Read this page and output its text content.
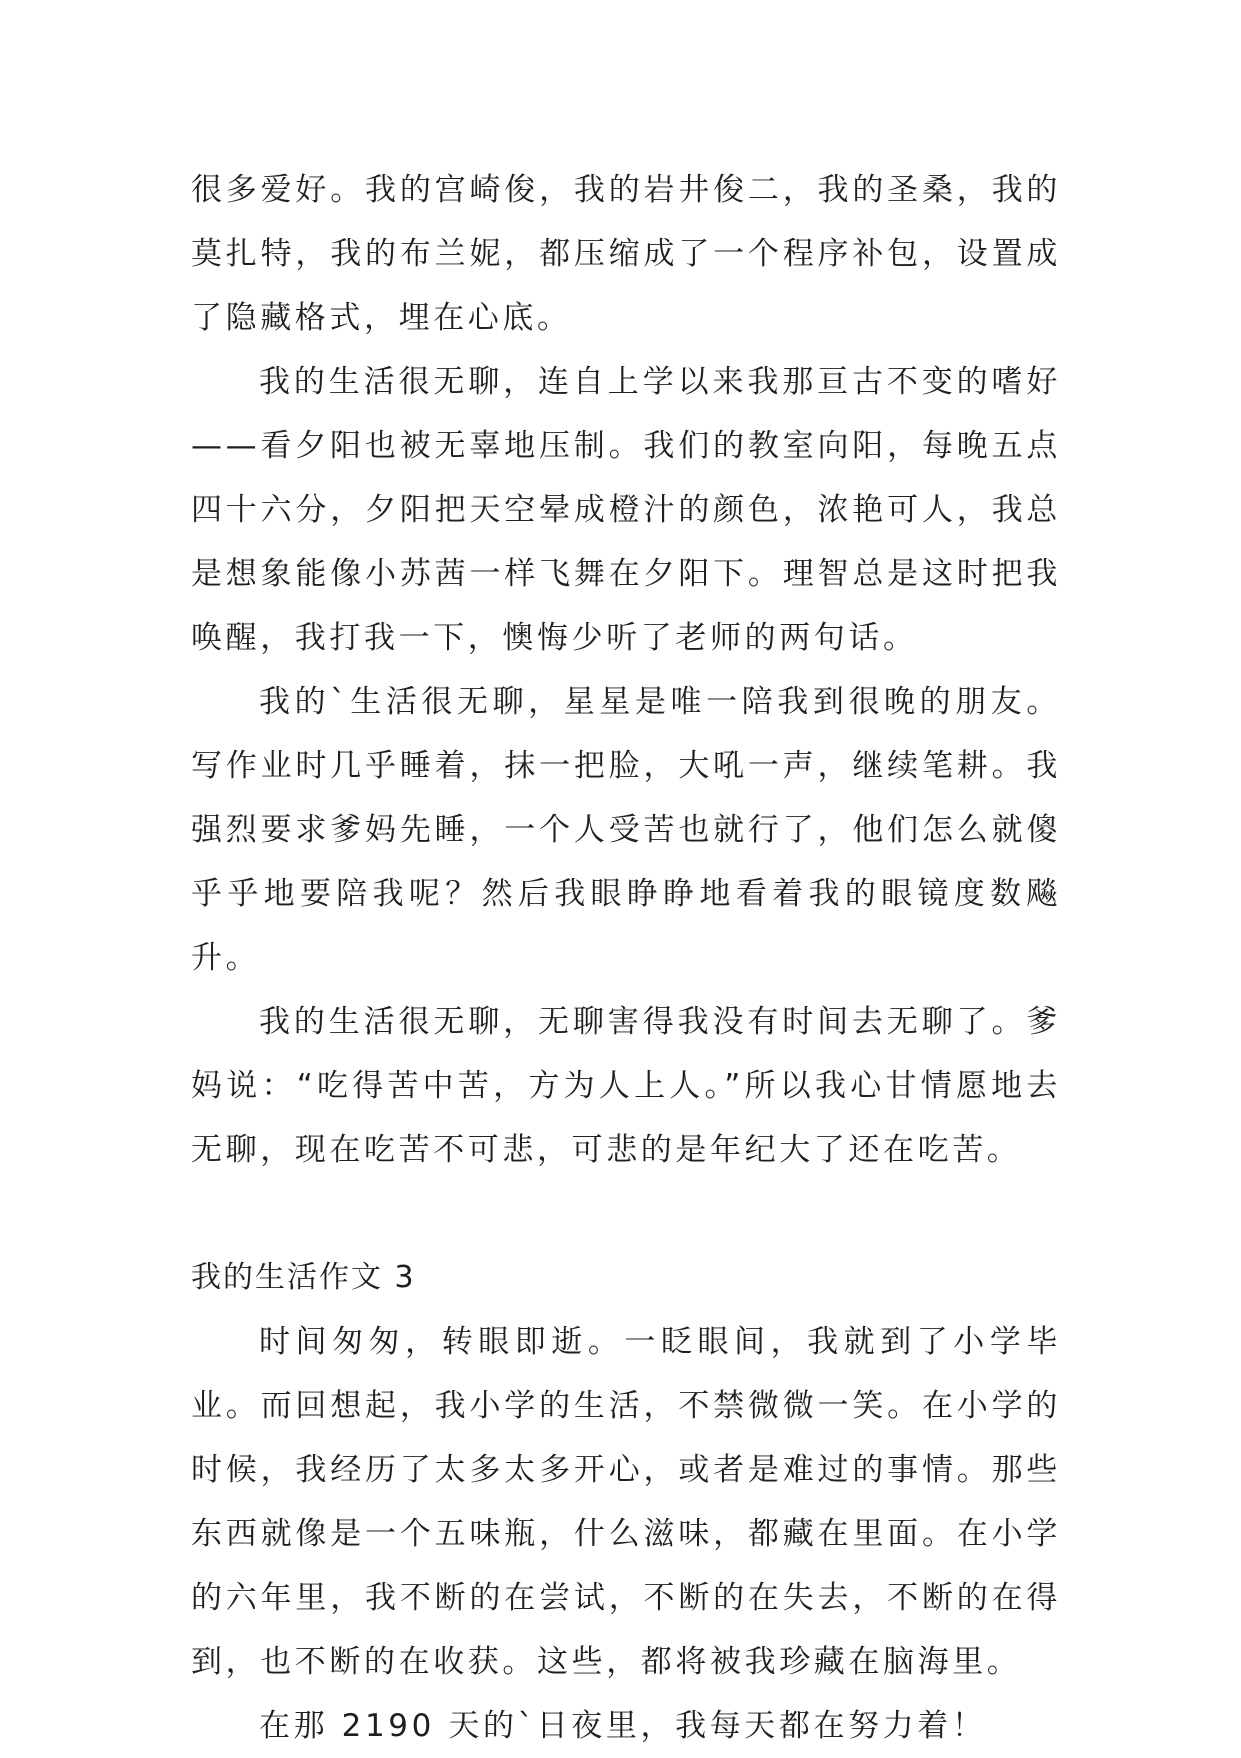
很多爱好。我的宫崎俊，我的岩井俊二，我的圣桑，我的莫扎特，我的布兰妮，都压缩成了一个程序补包，设置成了隐藏格式，埋在心底。

我的生活很无聊，连自上学以来我那亘古不变的嗜好——看夕阳也被无辜地压制。我们的教室向阳，每晚五点四十六分，夕阳把天空晕成橙汁的颜色，浓艳可人，我总是想象能像小苏茜一样飞舞在夕阳下。理智总是这时把我唤醒，我打我一下，懊悔少听了老师的两句话。

我的`生活很无聊，星星是唯一陪我到很晚的朋友。写作业时几乎睡着，抹一把脸，大吼一声，继续笔耕。我强烈要求爹妈先睡，一个人受苦也就行了，他们怎么就傻乎乎地要陪我呢？然后我眼睁睁地看着我的眼镜度数飚升。

我的生活很无聊，无聊害得我没有时间去无聊了。爹妈说：“吃得苦中苦，方为人上人。”所以我心甘情愿地去无聊，现在吃苦不可悲，可悲的是年纪大了还在吃苦。

我的生活作文 3

时间匆匆，转眼即逝。一眨眼间，我就到了小学毕业。而回想起，我小学的生活，不禁微微一笑。在小学的时候，我经历了太多太多开心，或者是难过的事情。那些东西就像是一个五味瓶，什么滋味，都藏在里面。在小学的六年里，我不断的在尝试，不断的在失去，不断的在得到，也不断的在收获。这些，都将被我珍藏在脑海里。

在那 2190 天的`日夜里，我每天都在努力着！
